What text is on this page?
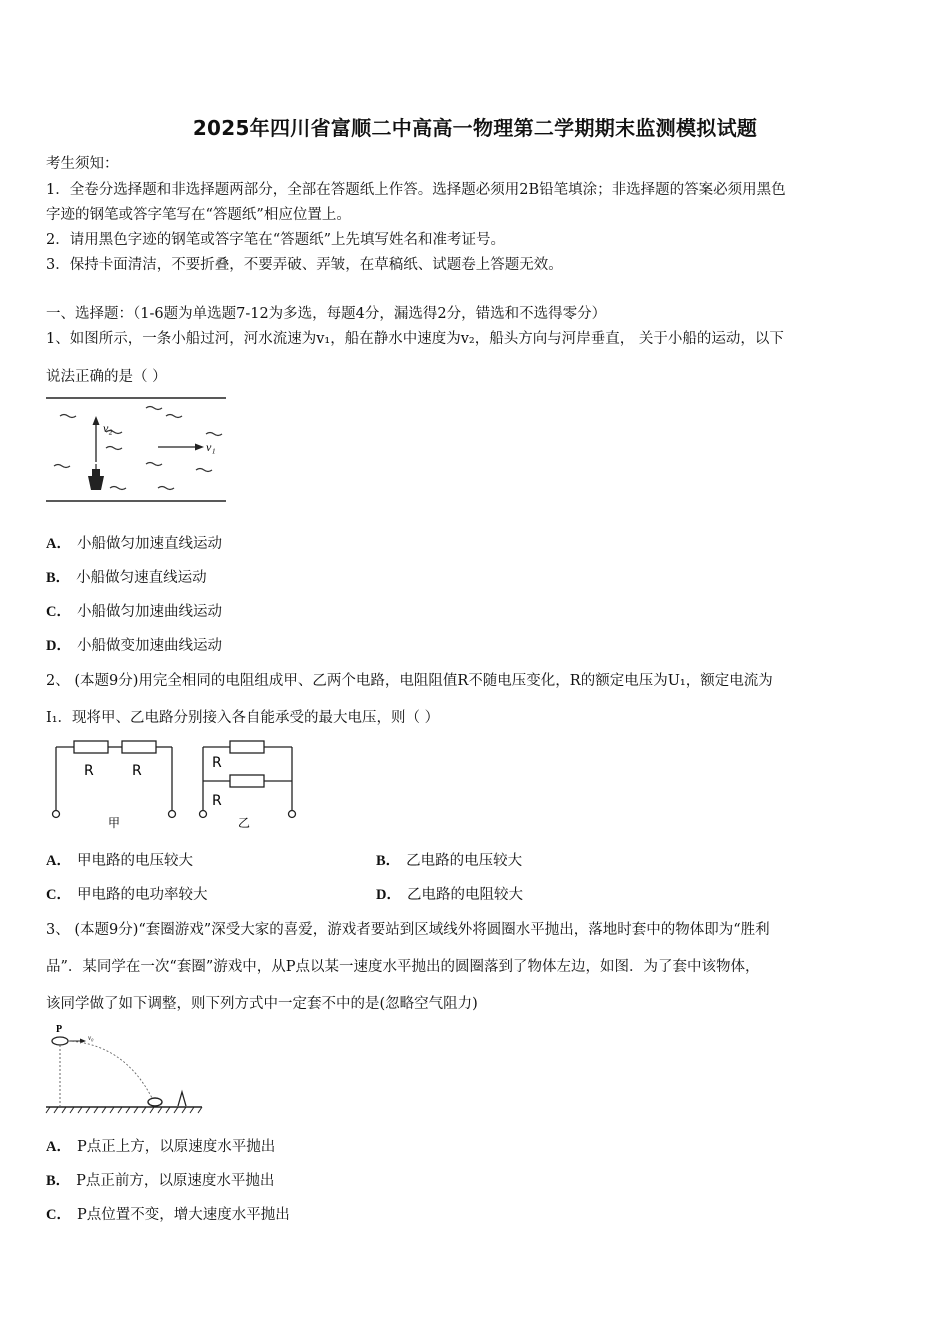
2025年四川省富顺二中高高一物理第二学期期末监测模拟试题
考生须知：
1．全卷分选择题和非选择题两部分，全部在答题纸上作答。选择题必须用2B铅笔填涂；非选择题的答案必须用黑色
字迹的钢笔或答字笔写在“答题纸”相应位置上。
2．请用黑色字迹的钢笔或答字笔在“答题纸”上先填写姓名和准考证号。
3．保持卡面清洁，不要折叠，不要弄破、弄皱，在草稿纸、试题卷上答题无效。
一、选择题：（1-6题为单选题7-12为多选，每题4分，漏选得2分，错选和不选得零分）
1、如图所示，一条小船过河，河水流速为v₁，船在静水中速度为v₂，船头方向与河岸垂直， 关于小船的运动，以下
说法正确的是（ ）
v₂
v₁
A． 小船做匀加速直线运动
B． 小船做匀速直线运动
C． 小船做匀加速曲线运动
D． 小船做变加速曲线运动
2、 (本题9分)用完全相同的电阻组成甲、乙两个电路，电阻阻值R不随电压变化，R的额定电压为U₁，额定电流为
I₁．现将甲、乙电路分别接入各自能承受的最大电压，则（ ）
R	R
甲
R
R
乙
A． 甲电路的电压较大	B． 乙电路的电压较大
C． 甲电路的电功率较大	D． 乙电路的电阻较大
3、 (本题9分)“套圈游戏”深受大家的喜爱，游戏者要站到区域线外将圆圈水平抛出，落地时套中的物体即为“胜利
品”．某同学在一次“套圈”游戏中，从P点以某一速度水平抛出的圆圈落到了物体左边，如图．为了套中该物体，
该同学做了如下调整，则下列方式中一定套不中的是(忽略空气阻力)
P
v₀
A． P点正上方，以原速度水平抛出
B． P点正前方，以原速度水平抛出
C． P点位置不变，增大速度水平抛出
